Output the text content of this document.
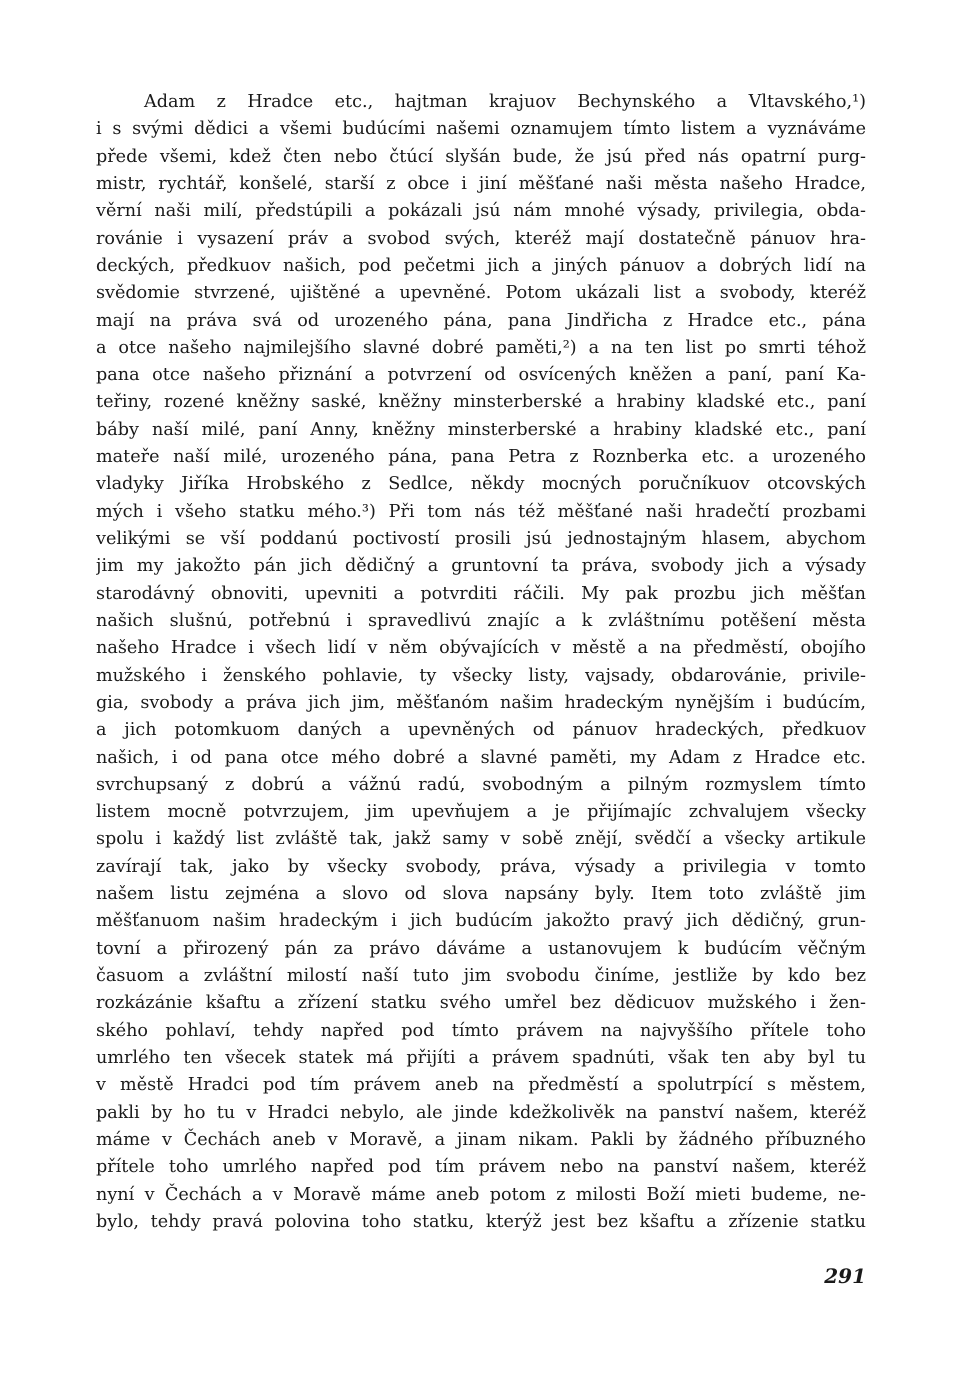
Adam z Hradce etc., hajtman krajuov Bechynského a Vltavského,¹)
i s svými dědici a všemi budúcími našemi oznamujem tímto listem a vyznáváme
přede všemi, kdež čten nebo čtúcí slyšán bude, že jsú před nás opatrní purg-
mistr, rychtář, konšelé, starší z obce i jiní měšťané naši města našeho Hradce,
věrní naši milí, předstúpili a pokázali jsú nám mnohé výsady, privilegia, obda-
rovánie i vysazení práv a svobod svých, kteréž mají dostatečně pánuov hra-
deckých, předkuov našich, pod pečetmi jich a jiných pánuov a dobrých lidí na
svědomie stvrzené, ujištěné a upevněné. Potom ukázali list a svobody, kteréž
mají na práva svá od urozeného pána, pana Jindřicha z Hradce etc., pána
a otce našeho najmilejšího slavné dobré paměti,²) a na ten list po smrti téhož
pana otce našeho přiznání a potvrzení od osvícených kněžen a paní, paní Ka-
teřiny, rozené kněžny saské, kněžny minsterberské a hrabiny kladské etc., paní
báby naší milé, paní Anny, kněžny minsterberské a hrabiny kladské etc., paní
mateře naší milé, urozeného pána, pana Petra z Roznberka etc. a urozeného
vladyky Jiříka Hrobského z Sedlce, někdy mocných poručníkuov otcovských
mých i všeho statku mého.³) Při tom nás též měšťané naši hradečtí prozbami
velikými se vší poddanú poctivostí prosili jsú jednostajným hlasem, abychom
jim my jakožto pán jich dědičný a gruntovní ta práva, svobody jich a výsady
starodávný obnoviti, upevniti a potvrditi ráčili. My pak prozbu jich měšťan
našich slušnú, potřebnú i spravedlivú znajíc a k zvláštnímu potěšení města
našeho Hradce i všech lidí v něm obývajících v městě a na předměstí, obojího
mužského i ženského pohlavie, ty všecky listy, vajsady, obdarovánie, privile-
gia, svobody a práva jich jim, měšťanóm našim hradeckým nynějším i budúcím,
a jich potomkuom daných a upevněných od pánuov hradeckých, předkuov
našich, i od pana otce mého dobré a slavné paměti, my Adam z Hradce etc.
svrchupsaný z dobrú a vážnú radú, svobodným a pilným rozmyslem tímto
listem mocně potvrzujem, jim upevňujem a je přijímajíc zchvalujem všecky
spolu i každý list zvláště tak, jakž samy v sobě znějí, svědčí a všecky artikule
zavírají tak, jako by všecky svobody, práva, výsady a privilegia v tomto
našem listu zejména a slovo od slova napsány byly. Item toto zvláště jim
měšťanuom našim hradeckým i jich budúcím jakožto pravý jich dědičný, grun-
tovní a přirozený pán za právo dáváme a ustanovujem k budúcím věčným
časuom a zvláštní milostí naší tuto jim svobodu činíme, jestliže by kdo bez
rozkázánie kšaftu a zřízení statku svého umřel bez dědicuov mužského i žen-
ského pohlaví, tehdy napřed pod tímto právem na najvyššího přítele toho
umrlého ten všecek statek má přijíti a právem spadnúti, však ten aby byl tu
v městě Hradci pod tím právem aneb na předměstí a spolutrpící s městem,
pakli by ho tu v Hradci nebylo, ale jinde kdežkolivěk na panství našem, kteréž
máme v Čechách aneb v Moravě, a jinam nikam. Pakli by žádného příbuzného
přítele toho umrlého napřed pod tím právem nebo na panství našem, kteréž
nyní v Čechách a v Moravě máme aneb potom z milosti Boží mieti budeme, ne-
bylo, tehdy pravá polovina toho statku, kterýž jest bez kšaftu a zřízenie statku
291
